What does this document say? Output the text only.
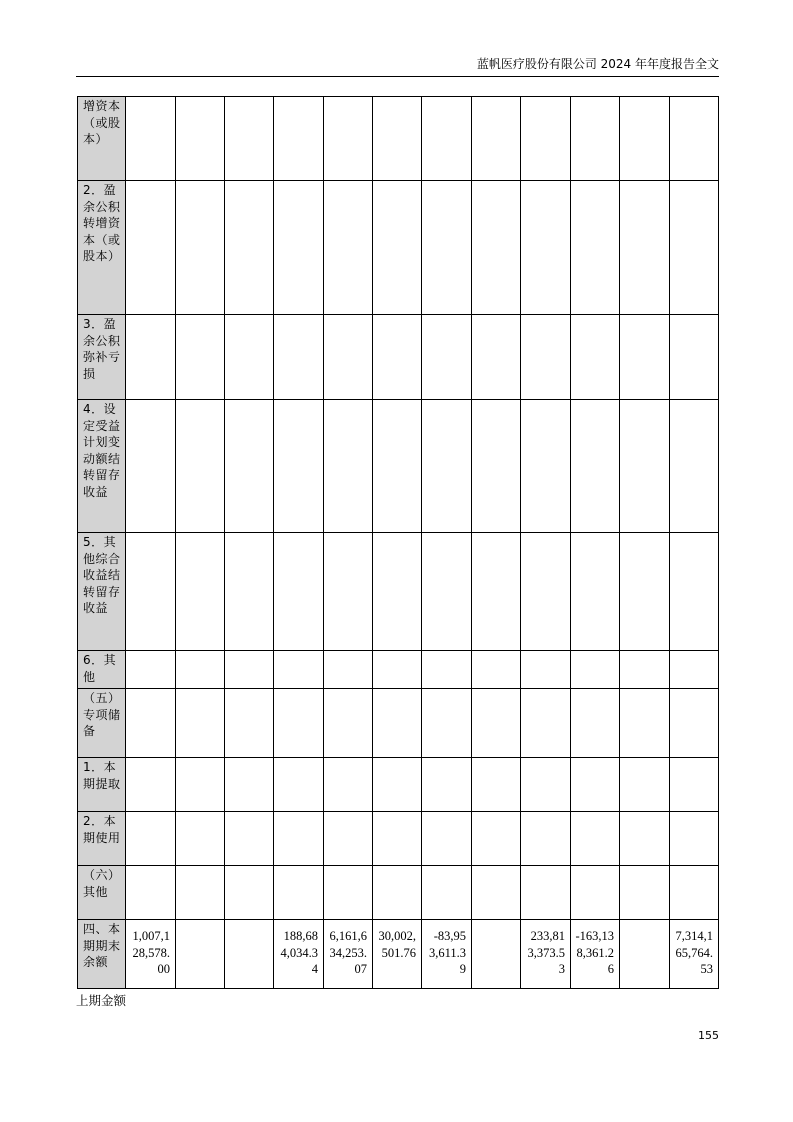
蓝帆医疗股份有限公司 2024 年年度报告全文
增资本（或股本）												
2．盈余公积转增资本（或股本）												
3．盈余公积弥补亏损												
4．设定受益计划变动额结转留存收益												
5．其他综合收益结转留存收益												
6．其他												
（五）专项储备												
1．本期提取												
2．本期使用												
（六）其他												
四、本期期末余额	1,007,128,578.00			188,684,034.34	6,161,634,253.07	30,002,501.76	-83,953,611.39		233,813,373.53	-163,138,361.26		7,314,165,764.53
上期金额
155
